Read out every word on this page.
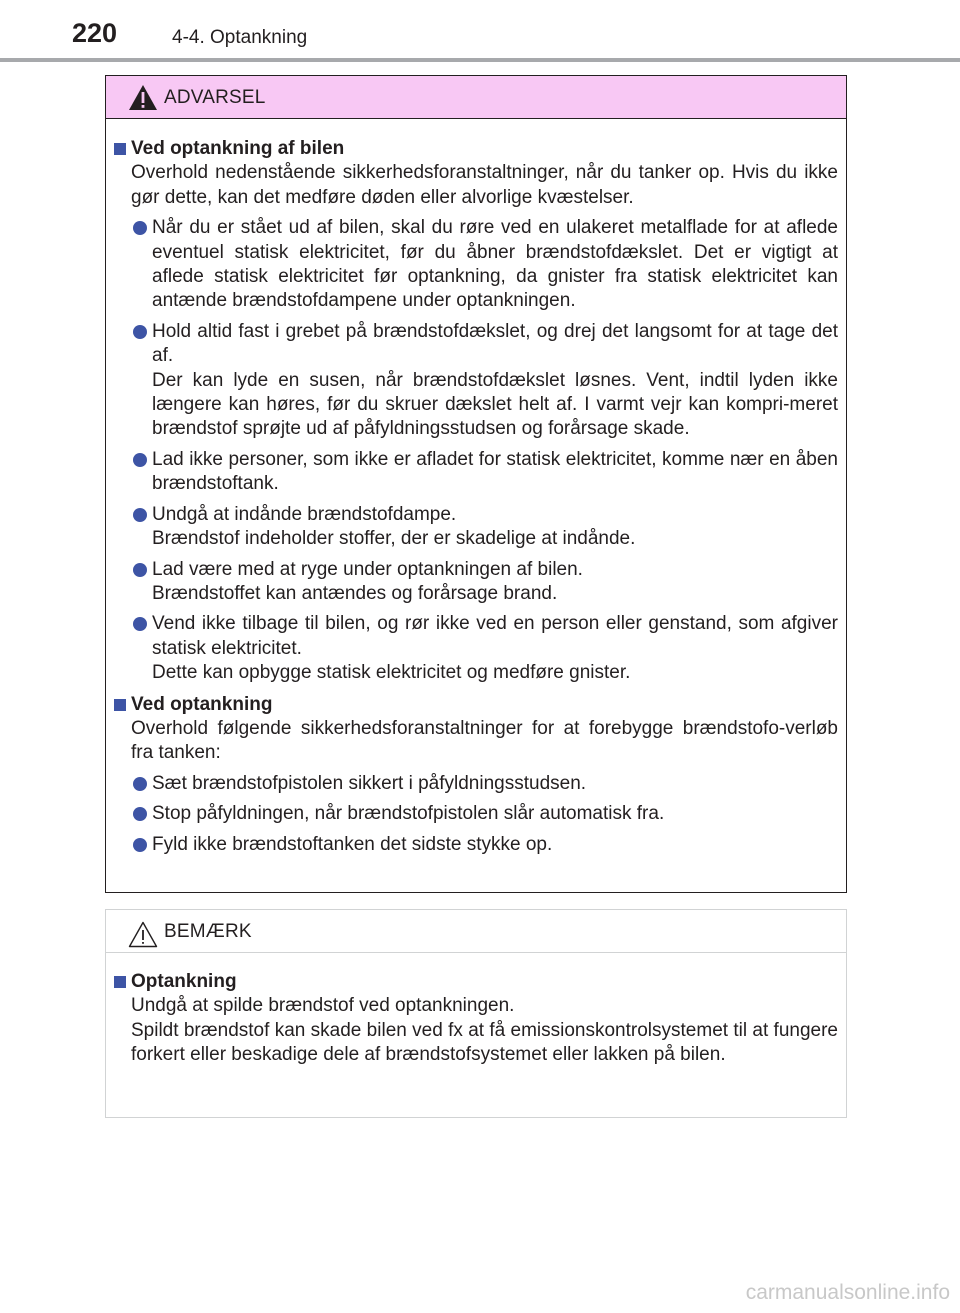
220	4-4. Optankning
ADVARSEL
Ved optankning af bilen
Overhold nedenstående sikkerhedsforanstaltninger, når du tanker op. Hvis du ikke gør dette, kan det medføre døden eller alvorlige kvæstelser.
Når du er stået ud af bilen, skal du røre ved en ulakeret metalflade for at aflede eventuel statisk elektricitet, før du åbner brændstofdækslet. Det er vigtigt at aflede statisk elektricitet før optankning, da gnister fra statisk elektricitet kan antænde brændstofdampene under optankningen.
Hold altid fast i grebet på brændstofdækslet, og drej det langsomt for at tage det af.
Der kan lyde en susen, når brændstofdækslet løsnes. Vent, indtil lyden ikke længere kan høres, før du skruer dækslet helt af. I varmt vejr kan kompri-meret brændstof sprøjte ud af påfyldningsstudsen og forårsage skade.
Lad ikke personer, som ikke er afladet for statisk elektricitet, komme nær en åben brændstoftank.
Undgå at indånde brændstofdampe.
Brændstof indeholder stoffer, der er skadelige at indånde.
Lad være med at ryge under optankningen af bilen.
Brændstoffet kan antændes og forårsage brand.
Vend ikke tilbage til bilen, og rør ikke ved en person eller genstand, som afgiver statisk elektricitet.
Dette kan opbygge statisk elektricitet og medføre gnister.
Ved optankning
Overhold følgende sikkerhedsforanstaltninger for at forebygge brændstofo-verløb fra tanken:
Sæt brændstofpistolen sikkert i påfyldningsstudsen.
Stop påfyldningen, når brændstofpistolen slår automatisk fra.
Fyld ikke brændstoftanken det sidste stykke op.
BEMÆRK
Optankning
Undgå at spilde brændstof ved optankningen.
Spildt brændstof kan skade bilen ved fx at få emissionskontrolsystemet til at fungere forkert eller beskadige dele af brændstofsystemet eller lakken på bilen.
carmanualsonline.info
